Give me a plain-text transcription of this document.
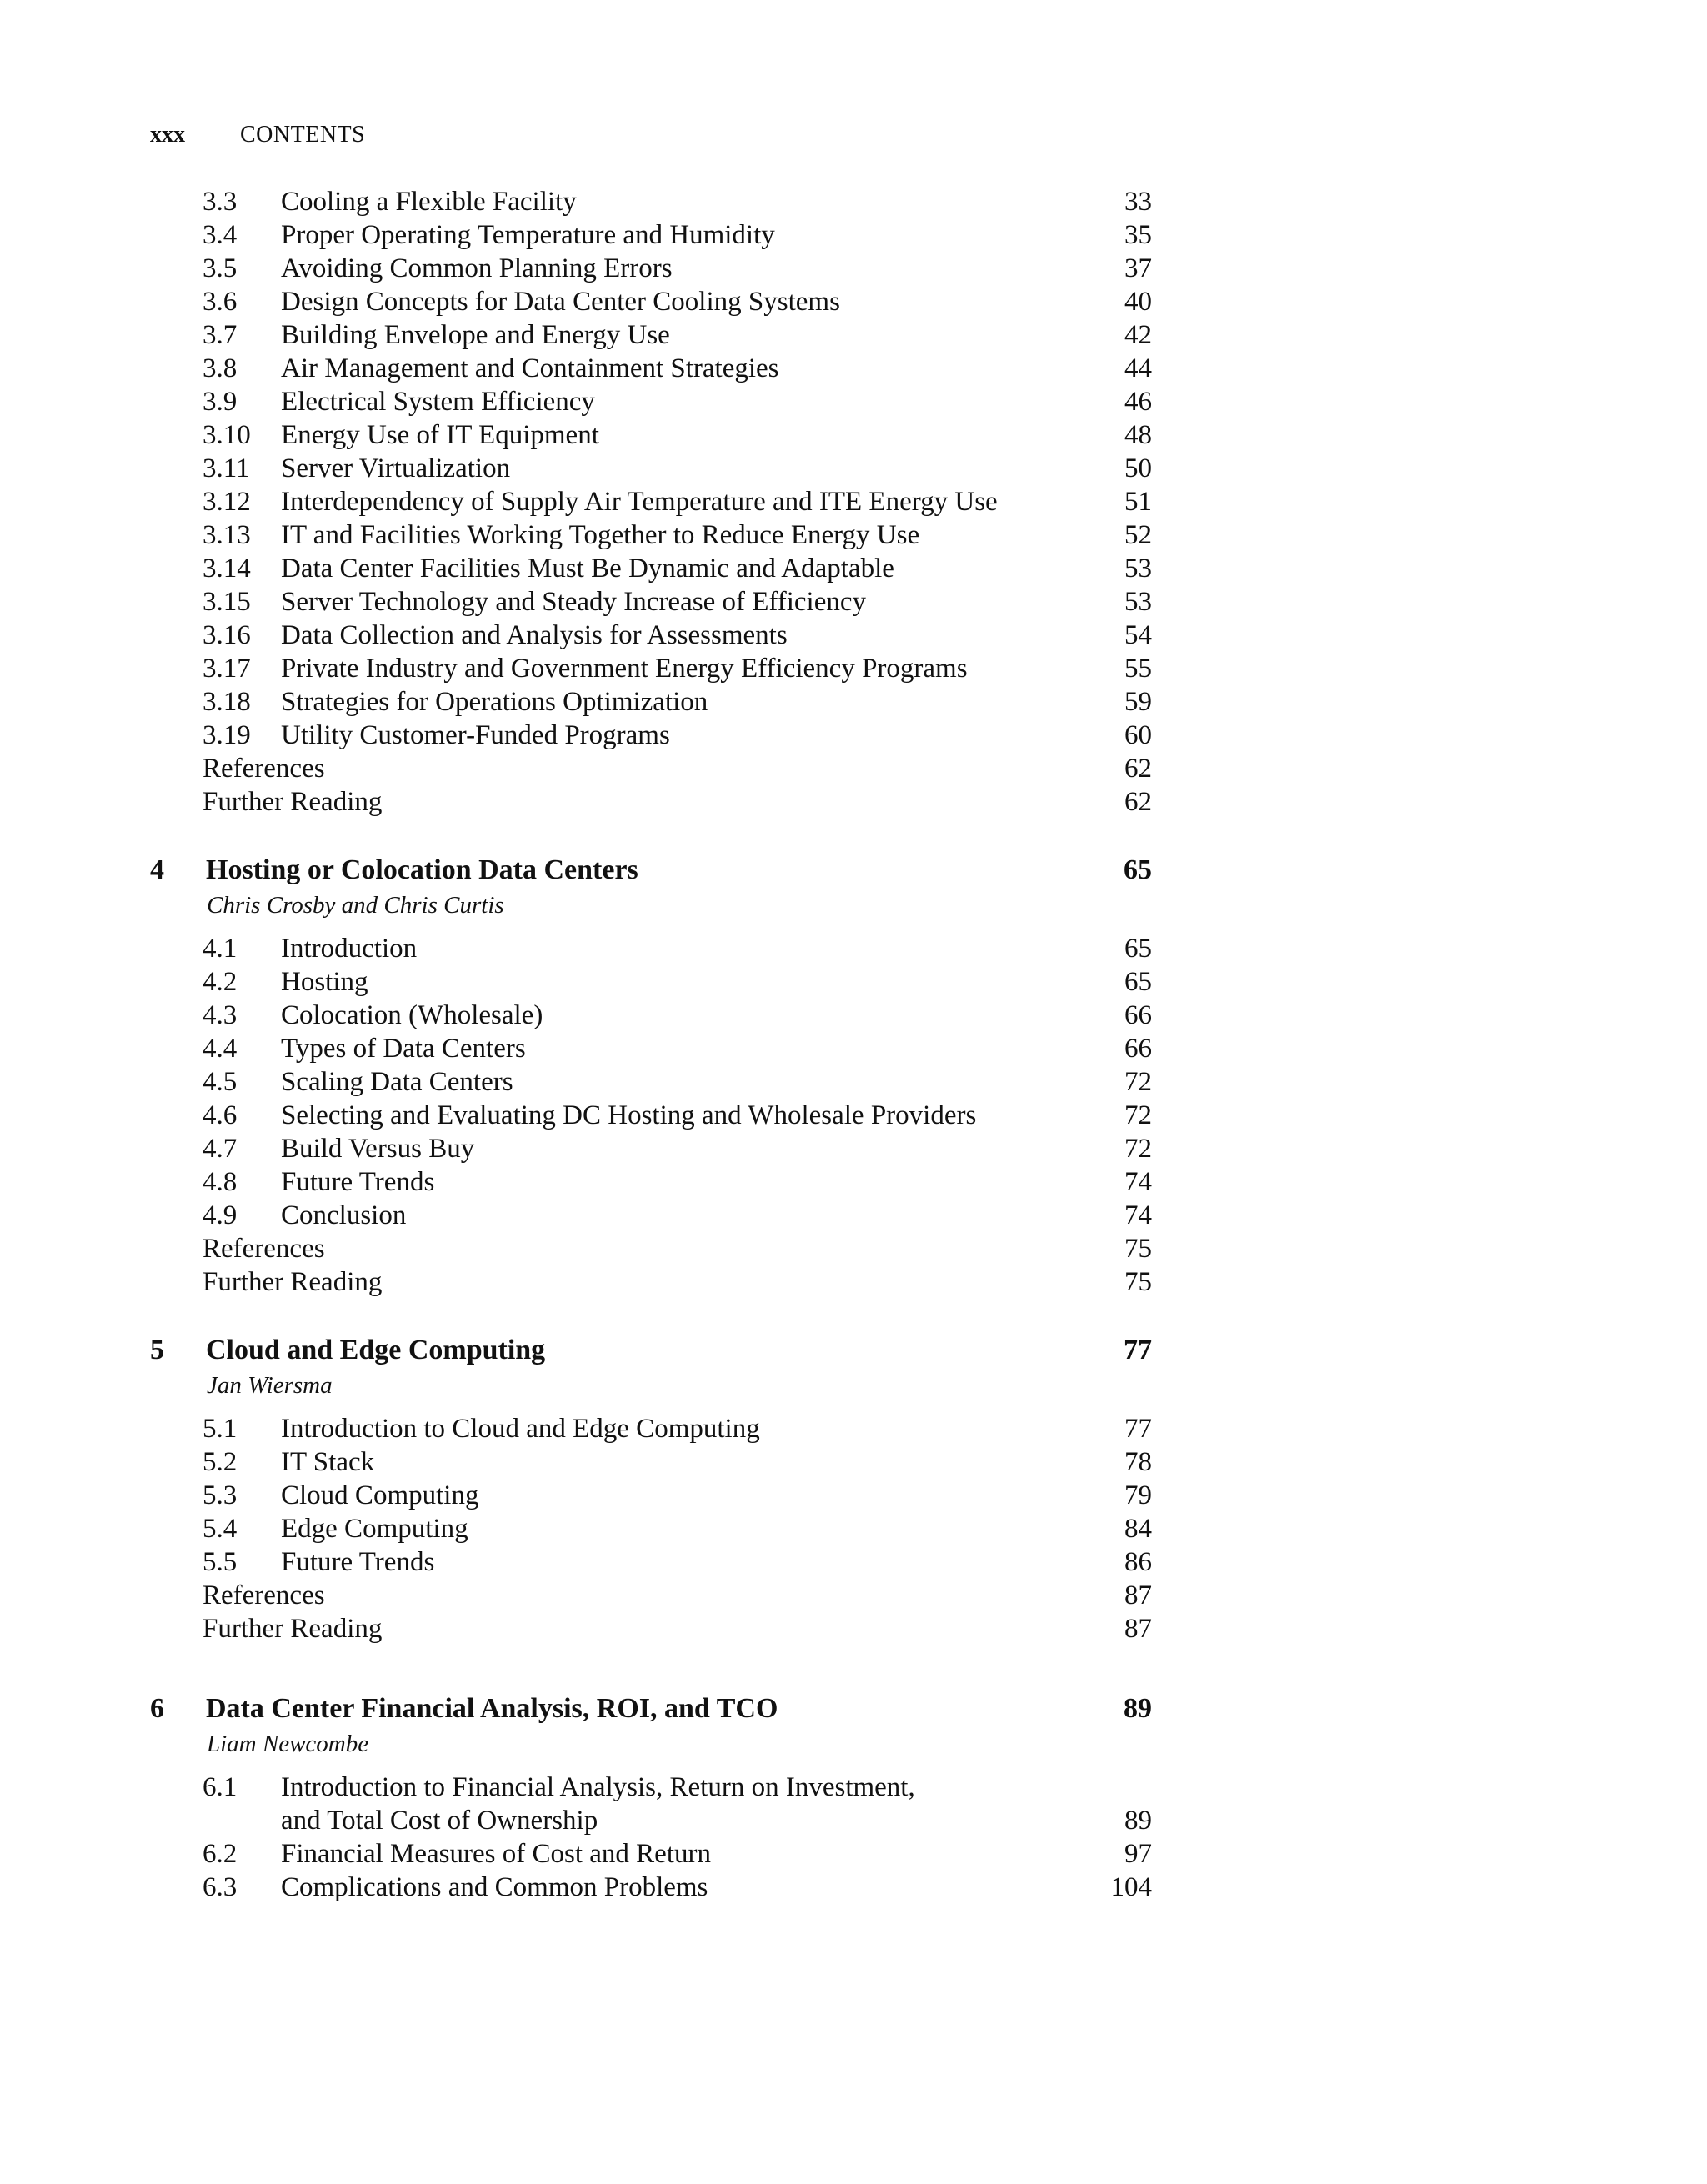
xxx CONTENTS
3.3 Cooling a Flexible Facility	33
3.4 Proper Operating Temperature and Humidity	35
3.5 Avoiding Common Planning Errors	37
3.6 Design Concepts for Data Center Cooling Systems	40
3.7 Building Envelope and Energy Use	42
3.8 Air Management and Containment Strategies	44
3.9 Electrical System Efficiency	46
3.10 Energy Use of IT Equipment	48
3.11 Server Virtualization	50
3.12 Interdependency of Supply Air Temperature and ITE Energy Use	51
3.13 IT and Facilities Working Together to Reduce Energy Use	52
3.14 Data Center Facilities Must Be Dynamic and Adaptable	53
3.15 Server Technology and Steady Increase of Efficiency	53
3.16 Data Collection and Analysis for Assessments	54
3.17 Private Industry and Government Energy Efficiency Programs	55
3.18 Strategies for Operations Optimization	59
3.19 Utility Customer-Funded Programs	60
References	62
Further Reading	62
4 Hosting or Colocation Data Centers	65
Chris Crosby and Chris Curtis
4.1 Introduction	65
4.2 Hosting	65
4.3 Colocation (Wholesale)	66
4.4 Types of Data Centers	66
4.5 Scaling Data Centers	72
4.6 Selecting and Evaluating DC Hosting and Wholesale Providers	72
4.7 Build Versus Buy	72
4.8 Future Trends	74
4.9 Conclusion	74
References	75
Further Reading	75
5 Cloud and Edge Computing	77
Jan Wiersma
5.1 Introduction to Cloud and Edge Computing	77
5.2 IT Stack	78
5.3 Cloud Computing	79
5.4 Edge Computing	84
5.5 Future Trends	86
References	87
Further Reading	87
6 Data Center Financial Analysis, ROI, and TCO	89
Liam Newcombe
6.1 Introduction to Financial Analysis, Return on Investment,
and Total Cost of Ownership	89
6.2 Financial Measures of Cost and Return	97
6.3 Complications and Common Problems	104
